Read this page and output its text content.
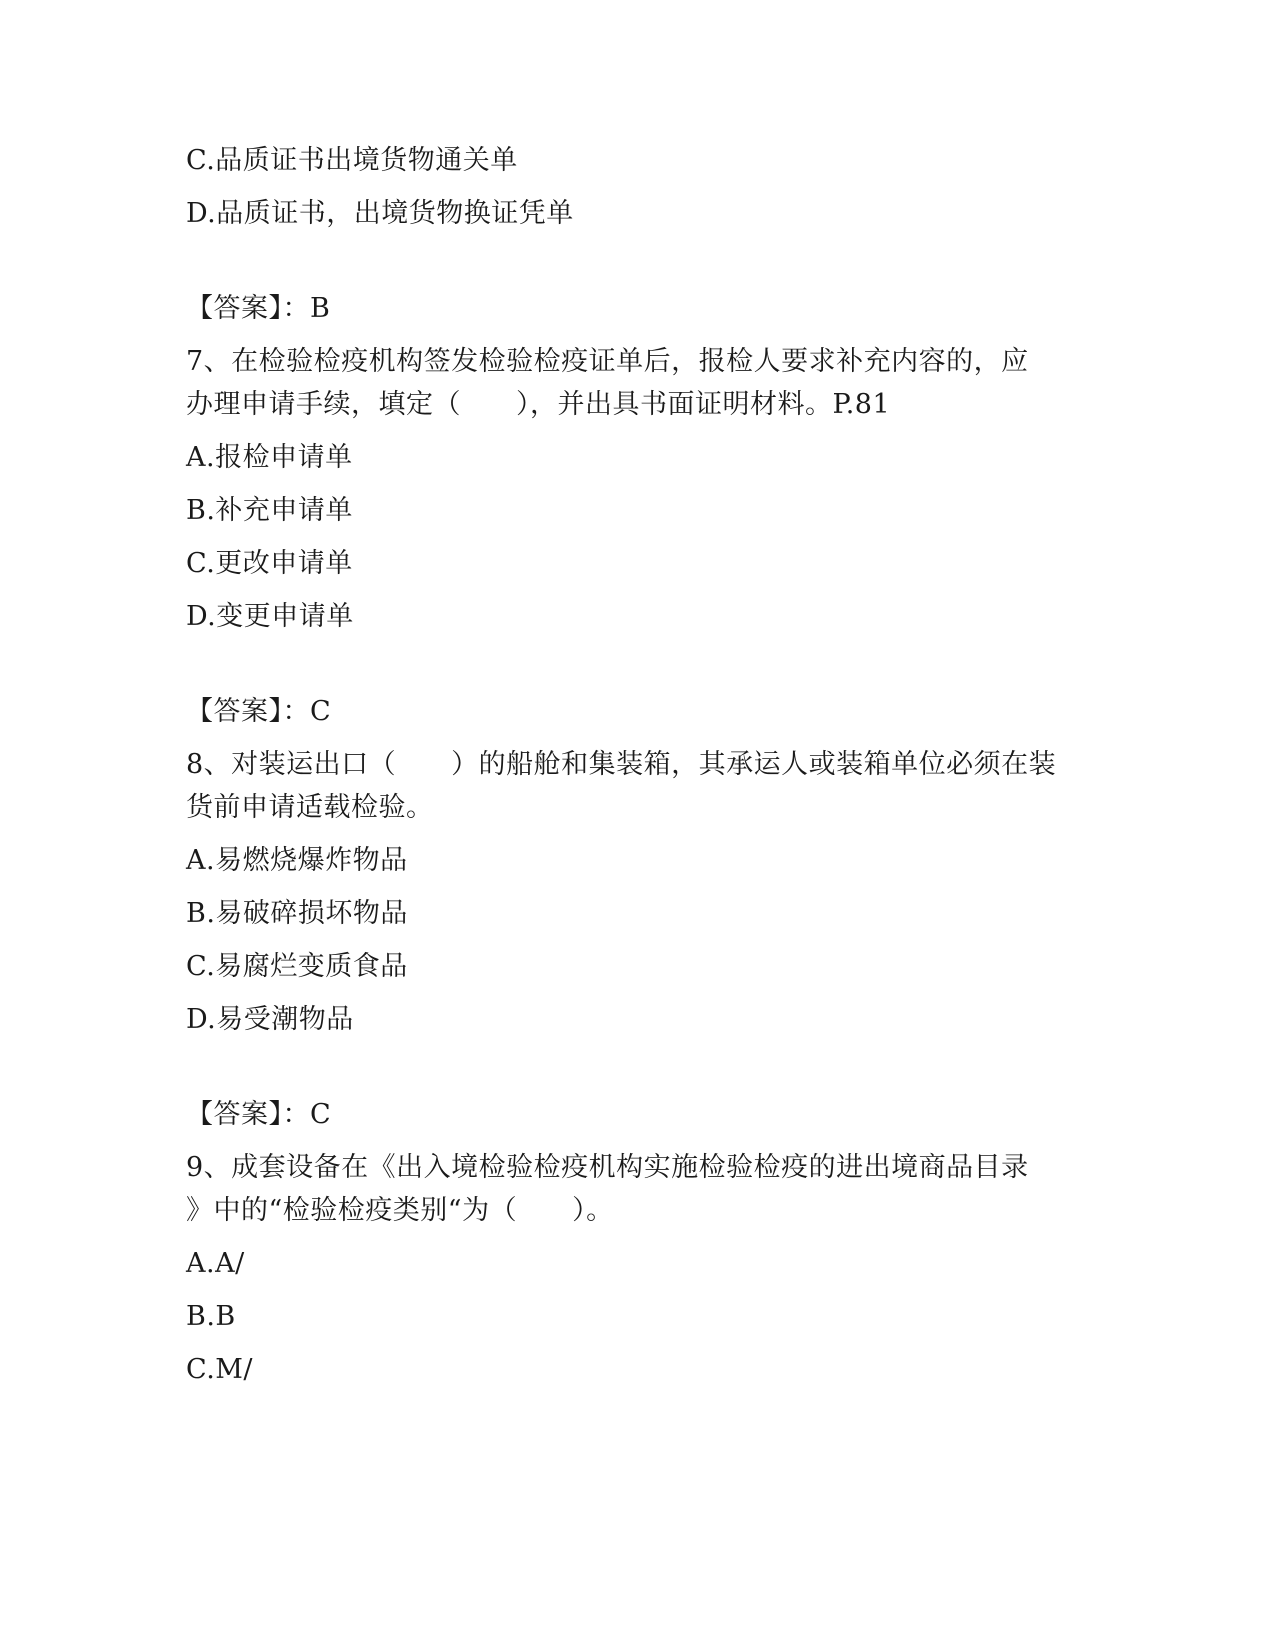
C.品质证书出境货物通关单
D.品质证书，出境货物换证凭单
【答案】：B
7、在检验检疫机构签发检验检疫证单后，报检人要求补充内容的，应
办理申请手续，填定（　　），并出具书面证明材料。P.81
A.报检申请单
B.补充申请单
C.更改申请单
D.变更申请单
【答案】：C
8、对装运出口（　　）的船舱和集装箱，其承运人或装箱单位必须在装
货前申请适载检验。
A.易燃烧爆炸物品
B.易破碎损坏物品
C.易腐烂变质食品
D.易受潮物品
【答案】：C
9、成套设备在《出入境检验检疫机构实施检验检疫的进出境商品目录
》中的“检验检疫类别“为（　　）。
A.A/
B.B
C.M/
